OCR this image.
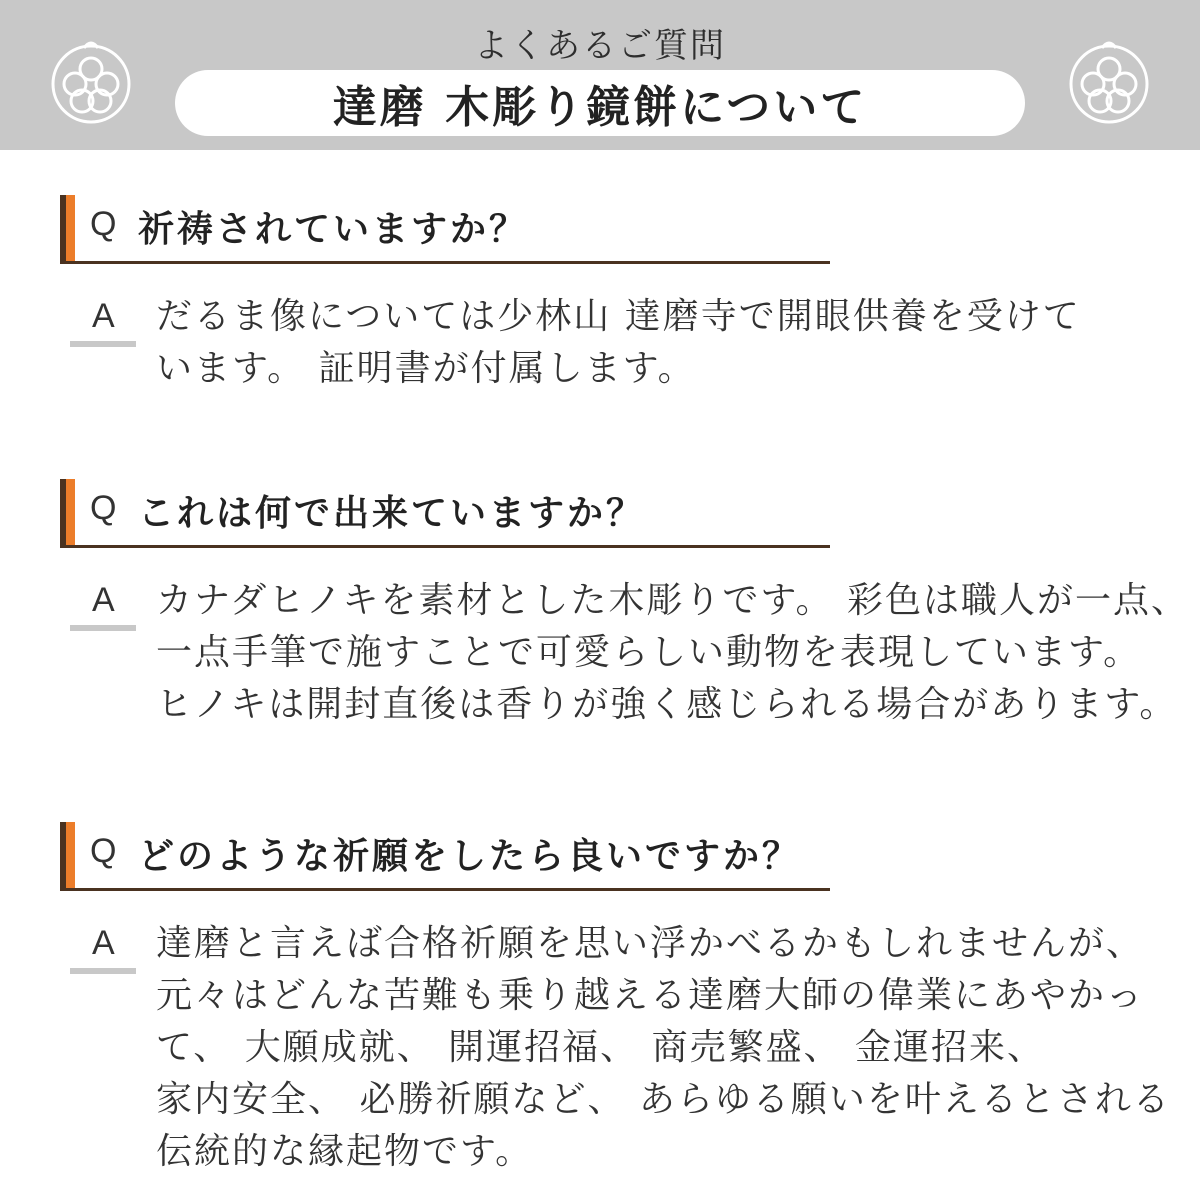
よくあるご質問
達磨 木彫り鏡餅について
Q 祈祷されていますか？
A だるま像については少林山 達磨寺で開眼供養を受けて
います。 証明書が付属します。
Q これは何で出来ていますか？
A カナダヒノキを素材とした木彫りです。 彩色は職人が一点、
一点手筆で施すことで可愛らしい動物を表現しています。
ヒノキは開封直後は香りが強く感じられる場合があります。
Q どのような祈願をしたら良いですか？
A 達磨と言えば合格祈願を思い浮かべるかもしれませんが、
元々はどんな苦難も乗り越える達磨大師の偉業にあやかっ
て、 大願成就、 開運招福、 商売繁盛、 金運招来、
家内安全、 必勝祈願など、 あらゆる願いを叶えるとされる
伝統的な縁起物です。
